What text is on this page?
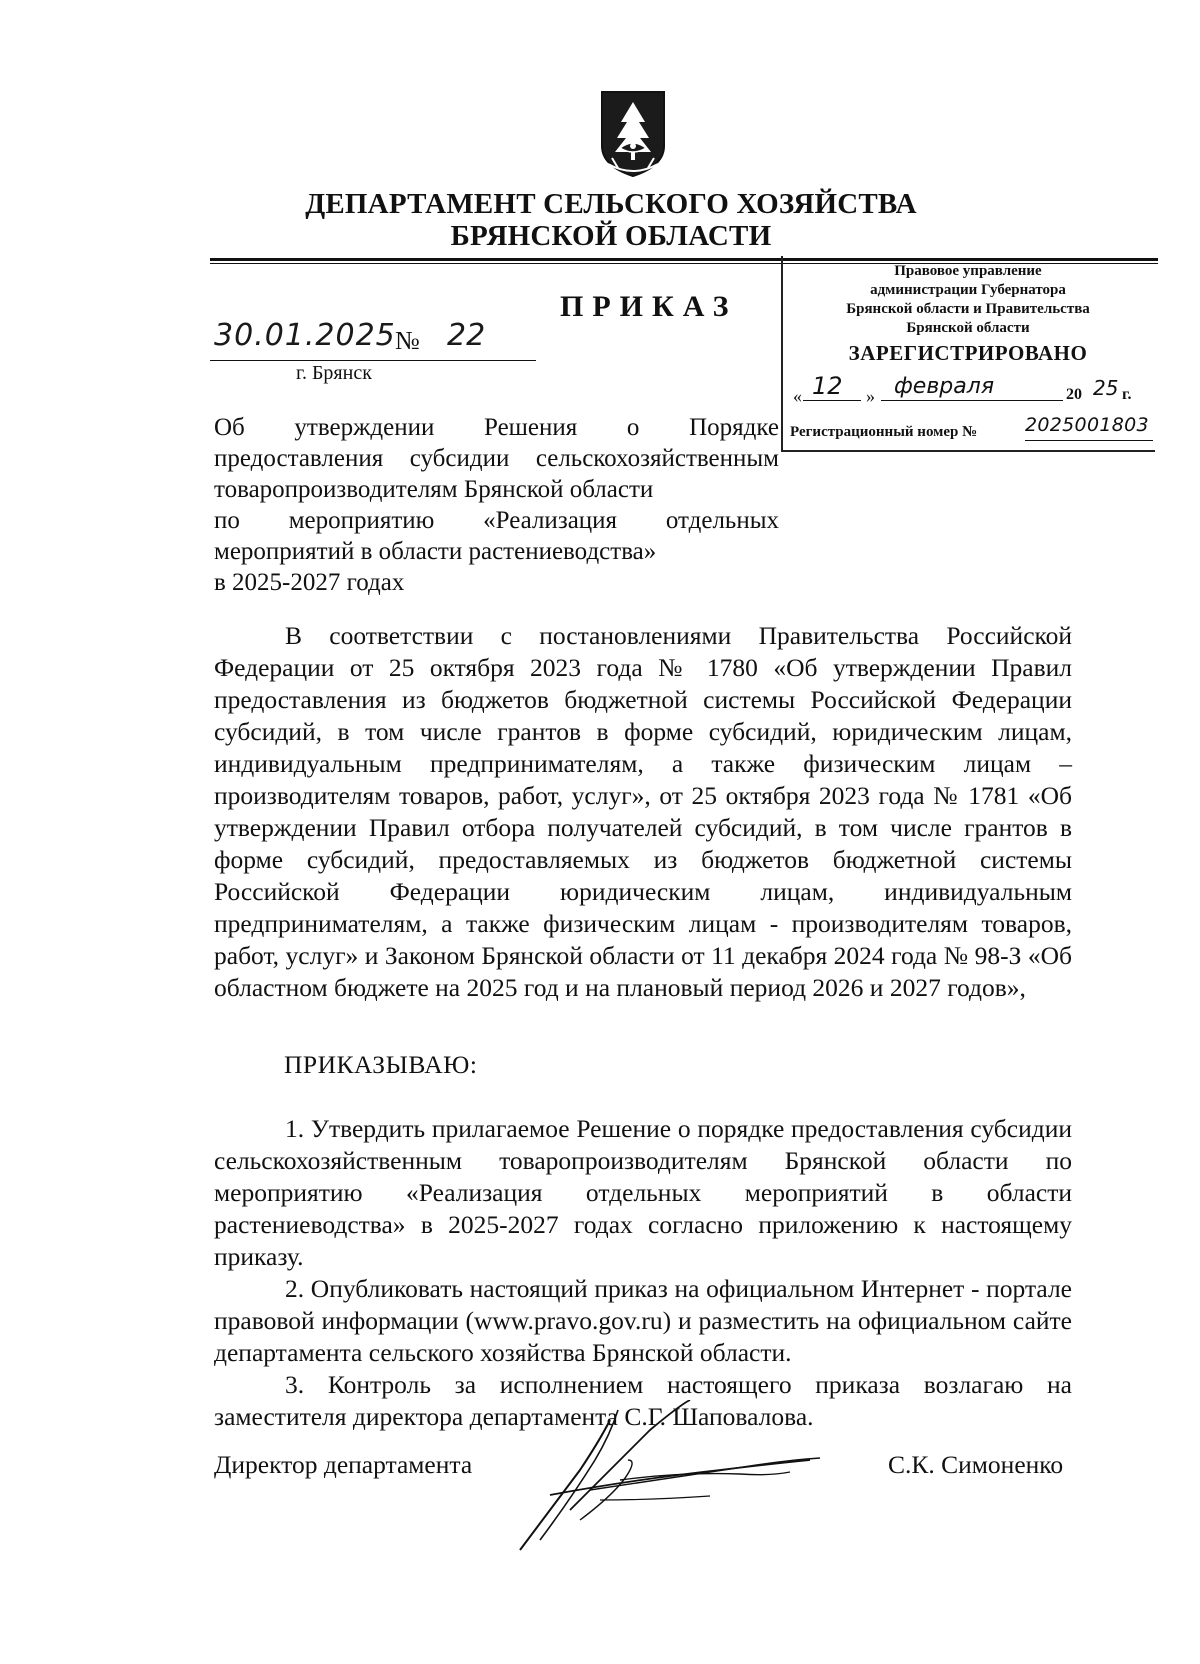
ДЕПАРТАМЕНТ СЕЛЬСКОГО ХОЗЯЙСТВА
БРЯНСКОЙ ОБЛАСТИ
ПРИКАЗ
30.01.2025 № 22
г. Брянск
Правовое управление
администрации Губернатора
Брянской области и Правительства
Брянской области
ЗАРЕГИСТРИРОВАНО
« 12 » февраля	20 25 г.
Регистрационный номер №	2025001803
Об утверждении Решения о Порядке
предоставления субсидии сельскохозяйственным
товаропроизводителям Брянской области
по мероприятию «Реализация отдельных
мероприятий в области растениеводства»
в 2025-2027 годах
В соответствии с постановлениями Правительства Российской Федерации от 25 октября 2023 года № 1780 «Об утверждении Правил предоставления из бюджетов бюджетной системы Российской Федерации субсидий, в том числе грантов в форме субсидий, юридическим лицам, индивидуальным предпринимателям, а также физическим лицам – производителям товаров, работ, услуг», от 25 октября 2023 года № 1781 «Об утверждении Правил отбора получателей субсидий, в том числе грантов в форме субсидий, предоставляемых из бюджетов бюджетной системы Российской Федерации юридическим лицам, индивидуальным предпринимателям, а также физическим лицам - производителям товаров, работ, услуг» и Законом Брянской области от 11 декабря 2024 года № 98-З «Об областном бюджете на 2025 год и на плановый период 2026 и 2027 годов»,
ПРИКАЗЫВАЮ:
1. Утвердить прилагаемое Решение о порядке предоставления субсидии сельскохозяйственным товаропроизводителям Брянской области по мероприятию «Реализация отдельных мероприятий в области растениеводства» в 2025-2027 годах согласно приложению к настоящему приказу.
2. Опубликовать настоящий приказ на официальном Интернет - портале правовой информации (www.pravo.gov.ru) и разместить на официальном сайте департамента сельского хозяйства Брянской области.
3. Контроль за исполнением настоящего приказа возлагаю на заместителя директора департамента С.Г. Шаповалова.
Директор департамента	С.К. Симоненко
